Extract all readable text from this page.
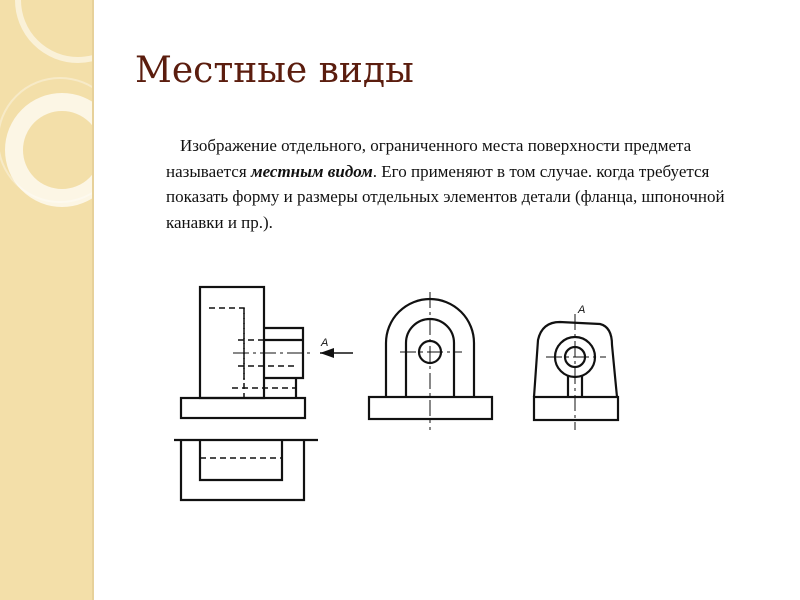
Местные виды
Изображение отдельного, ограниченного места поверхности предмета называется местным видом. Его применяют в том случае. когда требуется показать форму и размеры отдельных элементов детали (фланца, шпоночной канавки и пр.).
A
A
